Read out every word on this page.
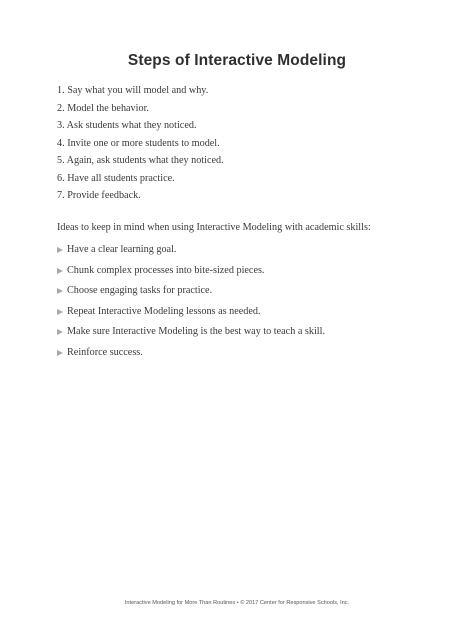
Steps of Interactive Modeling
1. Say what you will model and why.
2. Model the behavior.
3. Ask students what they noticed.
4. Invite one or more students to model.
5. Again, ask students what they noticed.
6. Have all students practice.
7. Provide feedback.
Ideas to keep in mind when using Interactive Modeling with academic skills:
Have a clear learning goal.
Chunk complex processes into bite-sized pieces.
Choose engaging tasks for practice.
Repeat Interactive Modeling lessons as needed.
Make sure Interactive Modeling is the best way to teach a skill.
Reinforce success.
Interactive Modeling for More Than Routines • © 2017 Center for Responsive Schools, Inc.
